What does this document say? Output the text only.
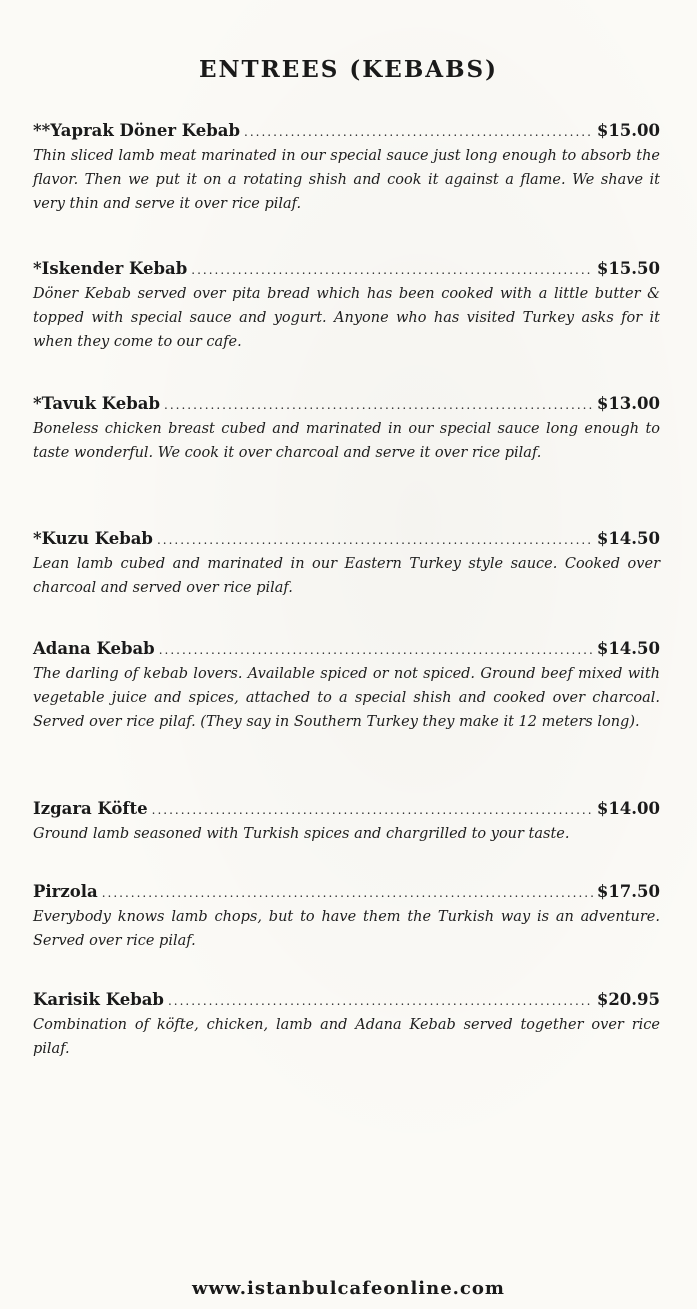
ENTREES (KEBABS)
**Yaprak Döner Kebab .....	$15.00
Thin sliced lamb meat marinated in our special sauce just long enough to absorb the flavor. Then we put it on a rotating shish and cook it against a flame. We shave it very thin and serve it over rice pilaf.
*Iskender Kebab .....	$15.50
Döner Kebab served over pita bread which has been cooked with a little butter & topped with special sauce and yogurt. Anyone who has visited Turkey asks for it when they come to our cafe.
*Tavuk Kebab .....	$13.00
Boneless chicken breast cubed and marinated in our special sauce long enough to taste wonderful. We cook it over charcoal and serve it over rice pilaf.
*Kuzu Kebab .....	$14.50
Lean lamb cubed and marinated in our Eastern Turkey style sauce. Cooked over charcoal and served over rice pilaf.
Adana Kebab .....	$14.50
The darling of kebab lovers. Available spiced or not spiced. Ground beef mixed with vegetable juice and spices, attached to a special shish and cooked over charcoal. Served over rice pilaf. (They say in Southern Turkey they make it 12 meters long).
Izgara Köfte .....	$14.00
Ground lamb seasoned with Turkish spices and chargrilled to your taste.
Pirzola .....	$17.50
Everybody knows lamb chops, but to have them the Turkish way is an adventure. Served over rice pilaf.
Karisik Kebab .....	$20.95
Combination of köfte, chicken, lamb and Adana Kebab served together over rice pilaf.
www.istanbulcafeonline.com
